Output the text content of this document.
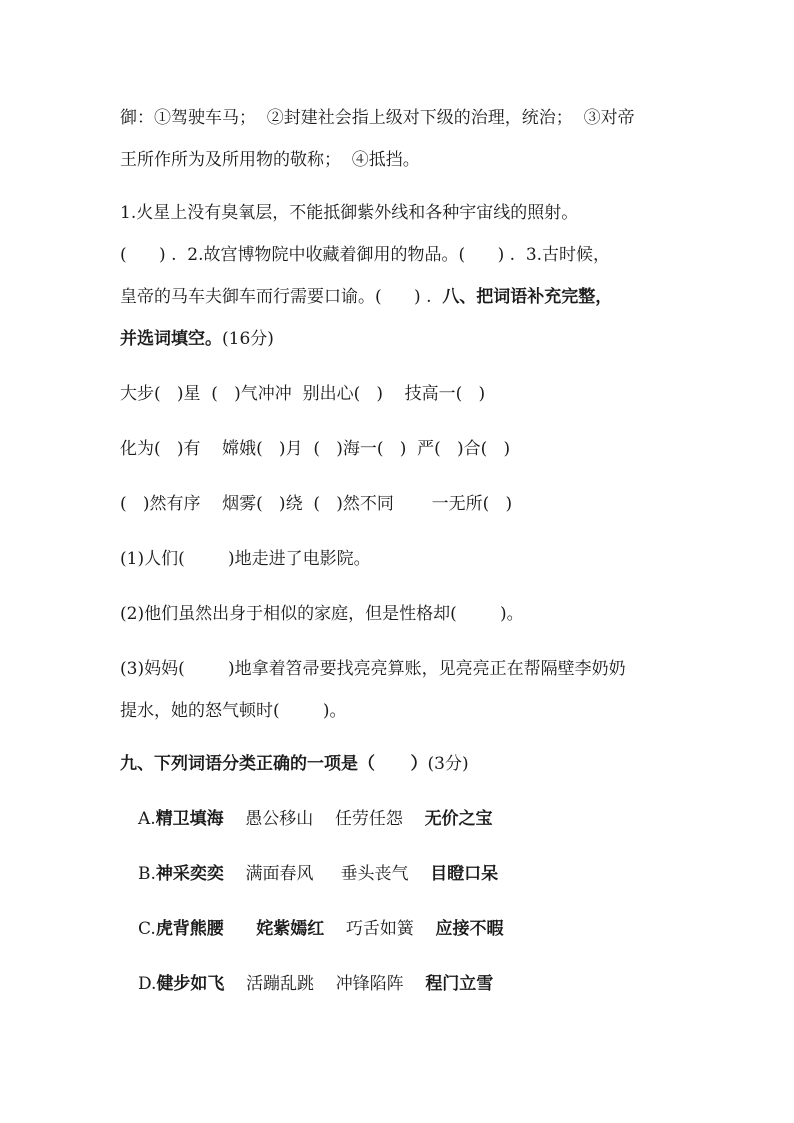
御：①驾驶车马；  ②封建社会指上级对下级的治理，统治；  ③对帝
王所作所为及所用物的敬称；  ④抵挡。
1.火星上没有臭氧层，不能抵御紫外线和各种宇宙线的照射。
(      ) .  2.故宫博物院中收藏着御用的物品。(      ) .  3.古时候，
皇帝的马车夫御车而行需要口谕。(      ) .  八、把词语补充完整，
并选词填空。(16分)
大步(   )星  (   )气冲冲  别出心(   )    技高一(   )
化为(   )有    嫦娥(   )月  (   )海一(   )  严(   )合(   )
(   )然有序    烟雾(   )绕  (   )然不同       一无所(   )
(1)人们(        )地走进了电影院。
(2)他们虽然出身于相似的家庭，但是性格却(        )。
(3)妈妈(        )地拿着笤帚要找亮亮算账，见亮亮正在帮隔壁李奶奶
提水，她的怒气顿时(        )。
九、下列词语分类正确的一项是（      ）(3分)
A.精卫填海 愚公移山 任劳任怨 无价之宝
B.神采奕奕 满面春风 垂头丧气 目瞪口呆
C.虎背熊腰 姹紫嫣红 巧舌如簧 应接不暇
D.健步如飞 活蹦乱跳 冲锋陷阵 程门立雪
